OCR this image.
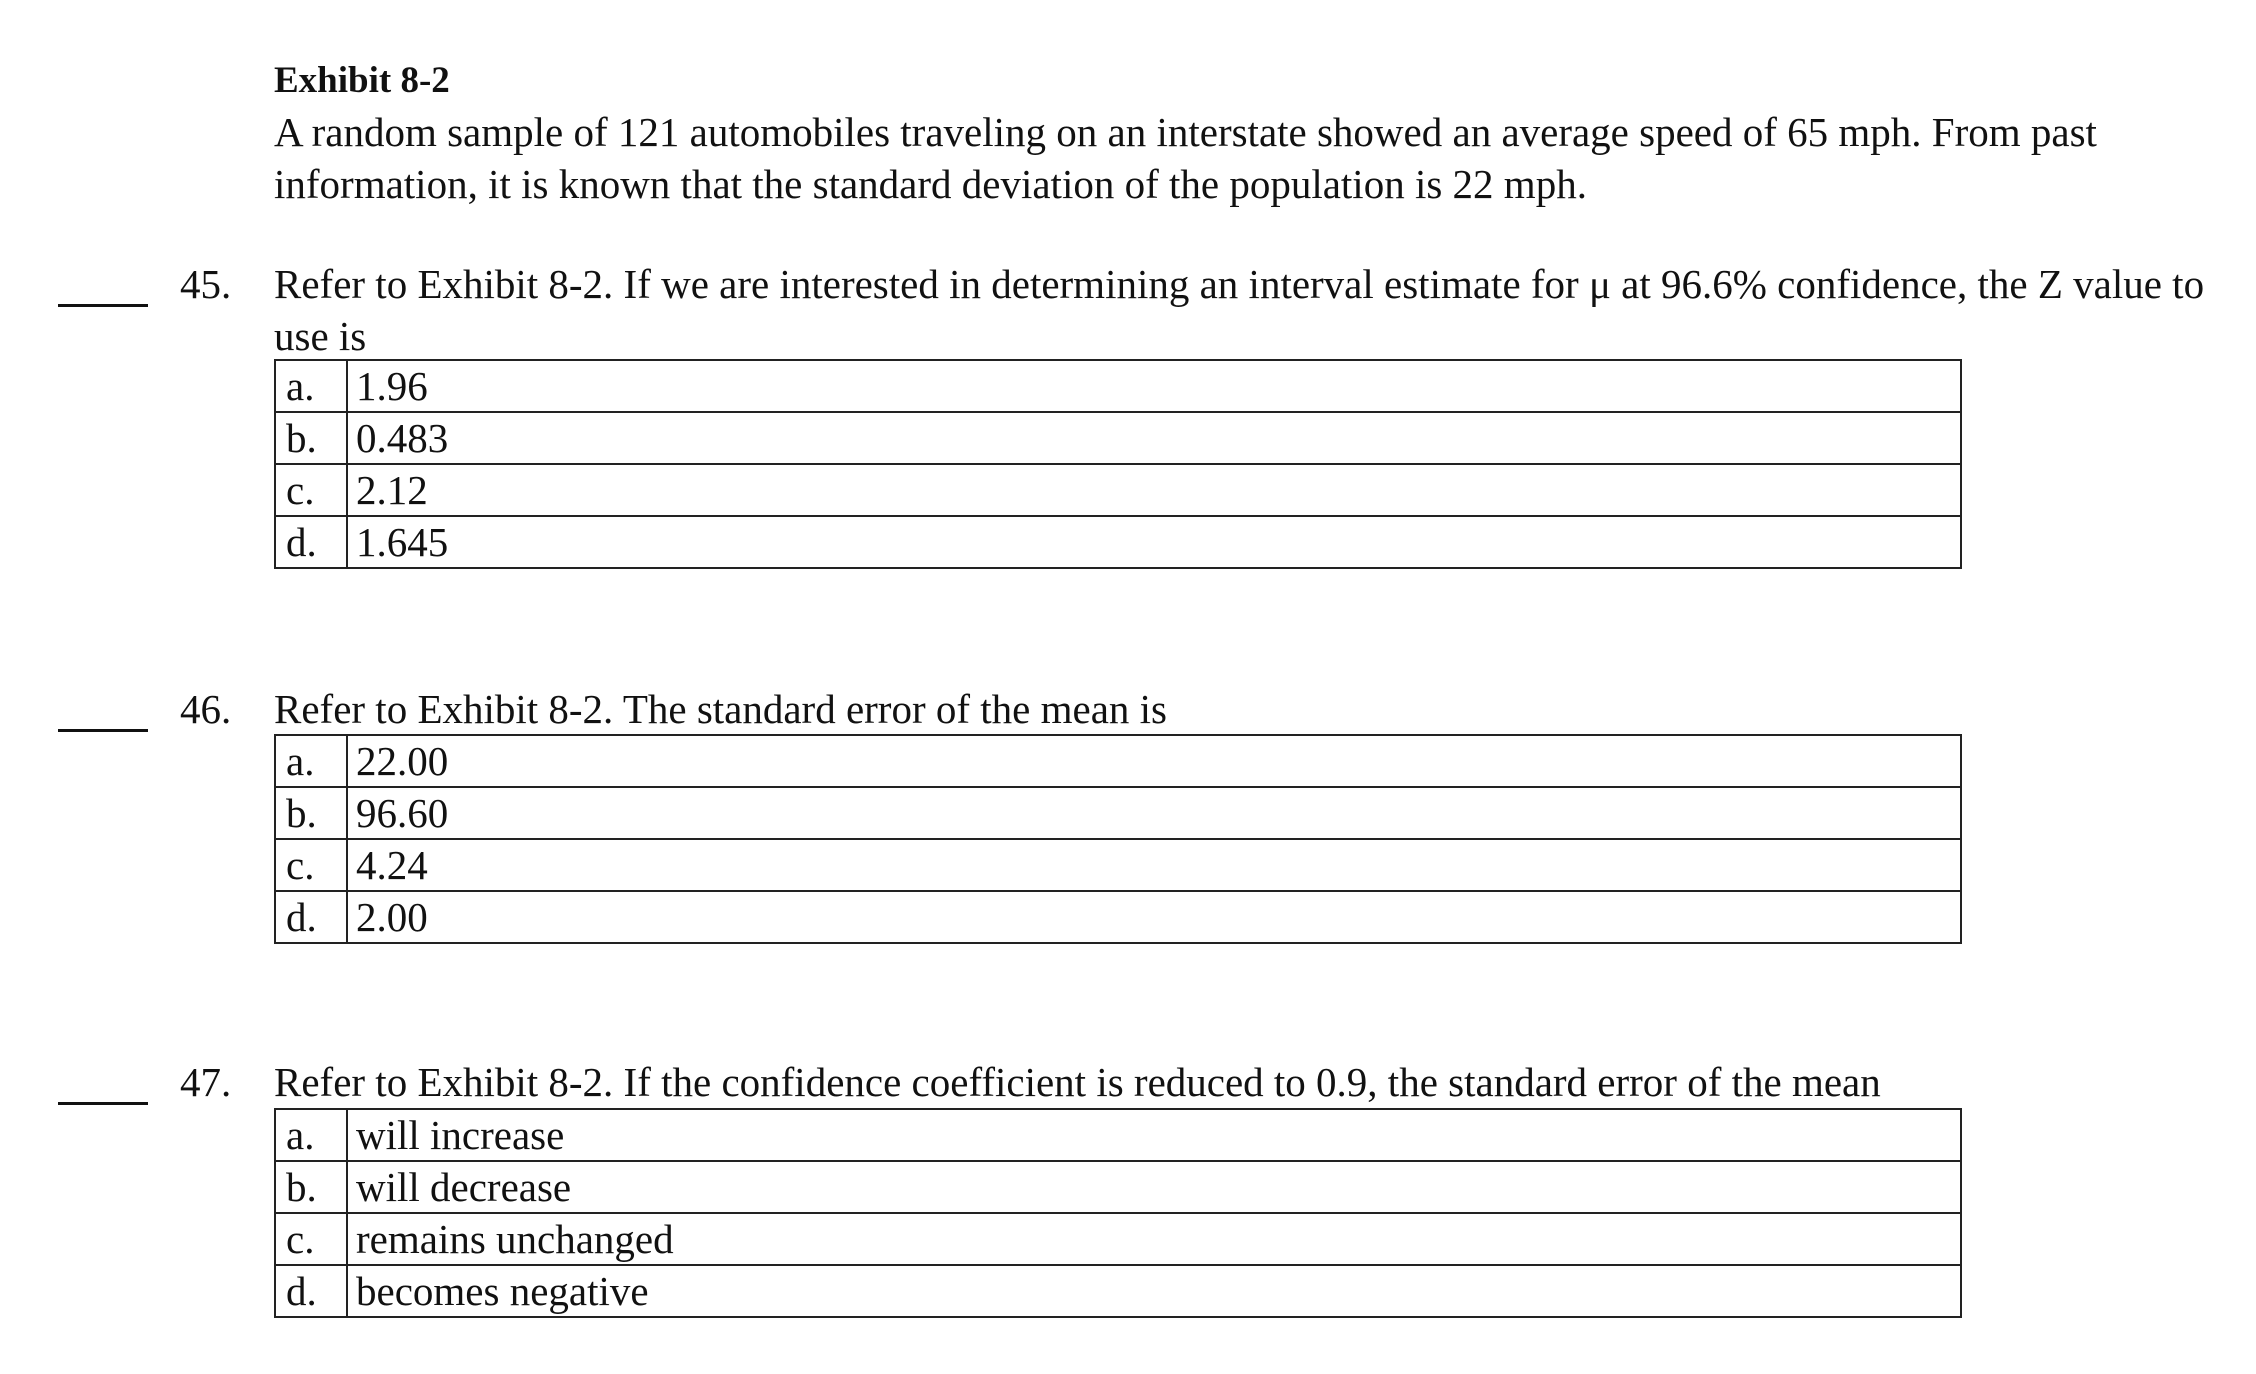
Exhibit 8-2

A random sample of 121 automobiles traveling on an interstate showed an average speed of 65 mph. From past information, it is known that the standard deviation of the population is 22 mph.

45. Refer to Exhibit 8-2. If we are interested in determining an interval estimate for μ at 96.6% confidence, the Z value to use is
a.	1.96
b.	0.483
c.	2.12
d.	1.645
46. Refer to Exhibit 8-2. The standard error of the mean is
a.	22.00
b.	96.60
c.	4.24
d.	2.00
47. Refer to Exhibit 8-2. If the confidence coefficient is reduced to 0.9, the standard error of the mean
a.	will increase
b.	will decrease
c.	remains unchanged
d.	becomes negative
